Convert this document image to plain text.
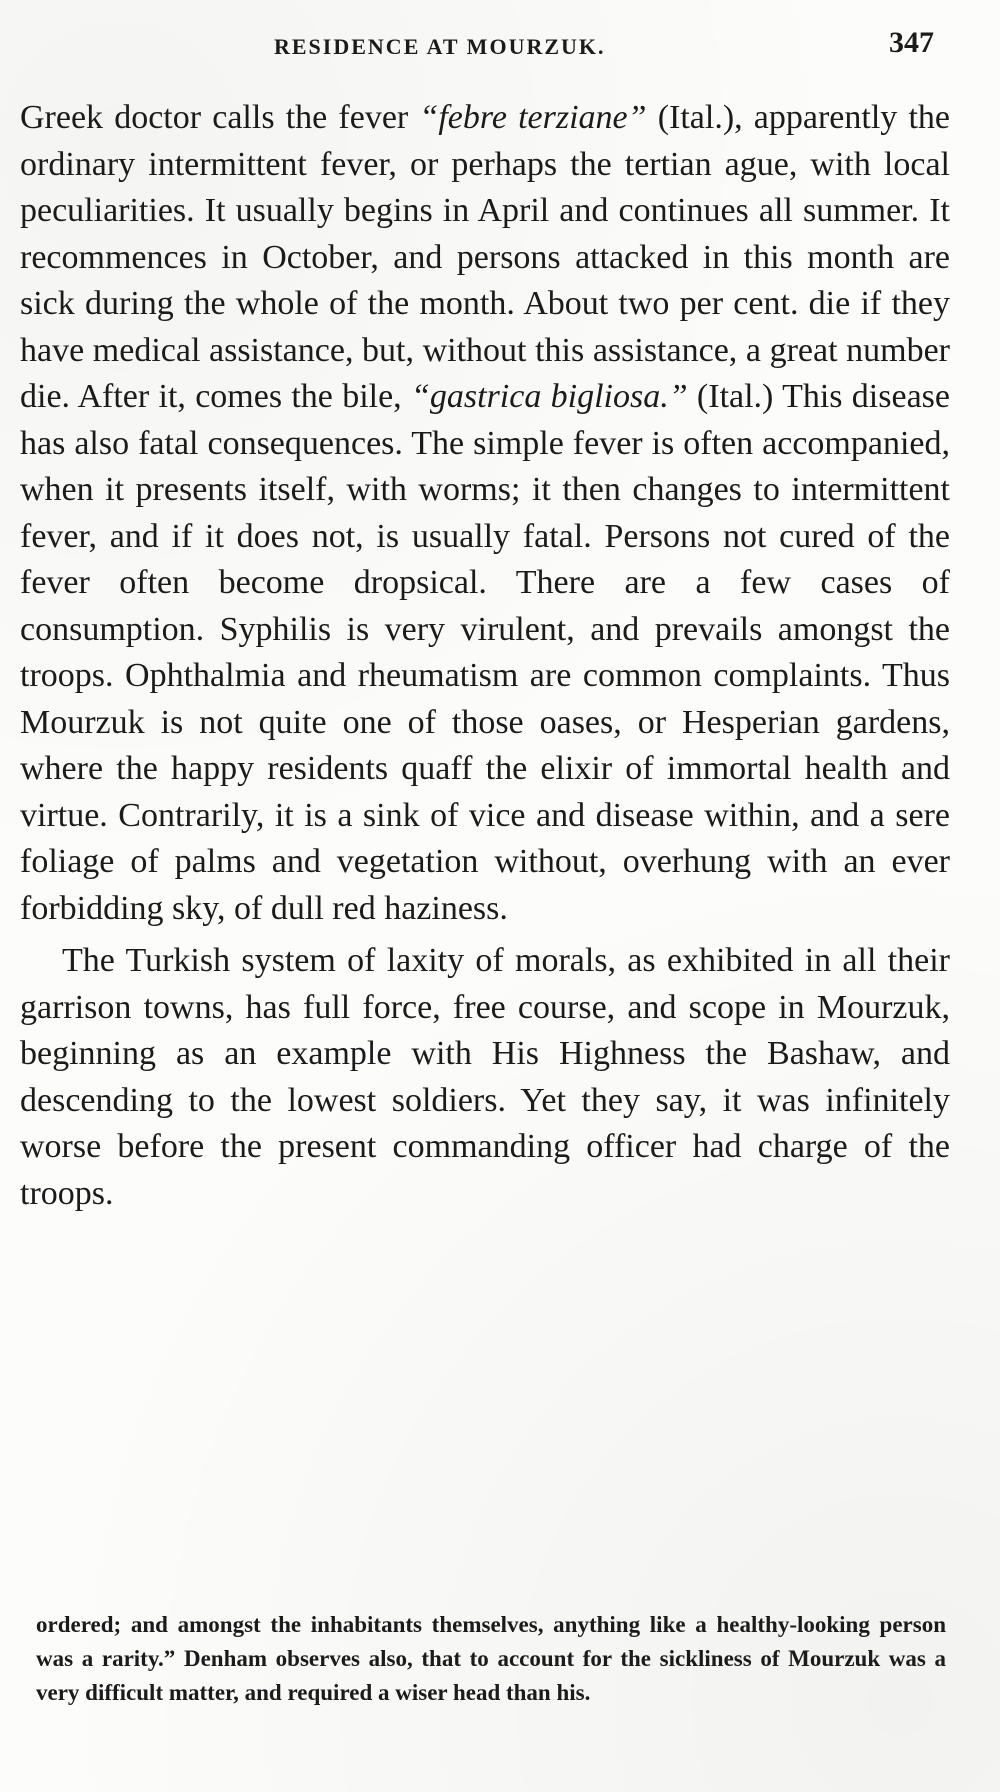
RESIDENCE AT MOURZUK.	347

Greek doctor calls the fever “febre terziane” (Ital.), apparently the ordinary intermittent fever, or perhaps the tertian ague, with local peculiarities. It usually begins in April and continues all summer. It recommences in October, and persons attacked in this month are sick during the whole of the month. About two per cent. die if they have medical assistance, but, without this assistance, a great number die. After it, comes the bile, “gastrica bigliosa.” (Ital.) This disease has also fatal consequences. The simple fever is often accompanied, when it presents itself, with worms; it then changes to intermittent fever, and if it does not, is usually fatal. Persons not cured of the fever often become dropsical. There are a few cases of consumption. Syphilis is very virulent, and prevails amongst the troops. Ophthalmia and rheumatism are common complaints. Thus Mourzuk is not quite one of those oases, or Hesperian gardens, where the happy residents quaff the elixir of immortal health and virtue. Contrarily, it is a sink of vice and disease within, and a sere foliage of palms and vegetation without, overhung with an ever forbidding sky, of dull red haziness.

The Turkish system of laxity of morals, as exhibited in all their garrison towns, has full force, free course, and scope in Mourzuk, beginning as an example with His Highness the Bashaw, and descending to the lowest soldiers. Yet they say, it was infinitely worse before the present commanding officer had charge of the troops.

ordered; and amongst the inhabitants themselves, anything like a healthy-looking person was a rarity.” Denham observes also, that to account for the sickliness of Mourzuk was a very difficult matter, and required a wiser head than his.
